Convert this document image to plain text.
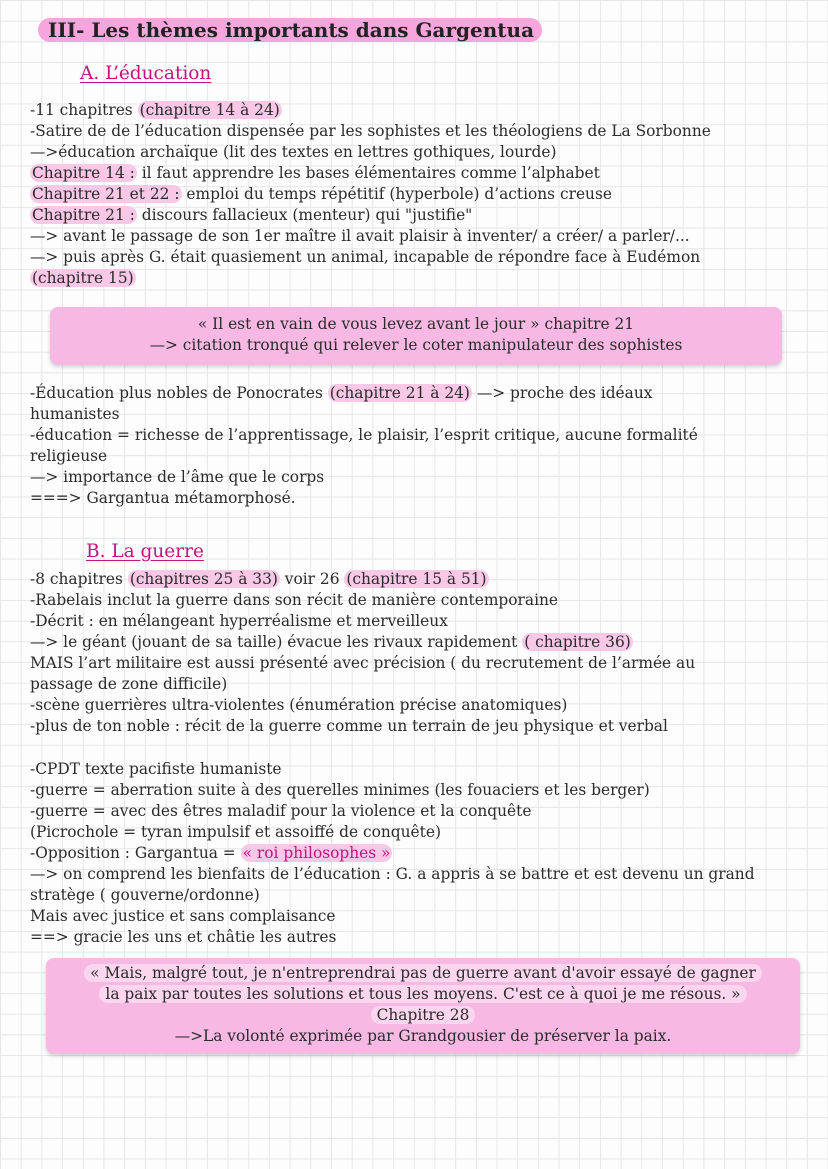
III- Les thèmes importants dans Gargentua
A. L’éducation
-11 chapitres (chapitre 14 à 24)
-Satire de de l’éducation dispensée par les sophistes et les théologiens de La Sorbonne
—>éducation archaïque (lit des textes en lettres gothiques, lourde)
Chapitre 14 : il faut apprendre les bases élémentaires comme l’alphabet
Chapitre 21 et 22 : emploi du temps répétitif (hyperbole) d’actions creuse
Chapitre 21 : discours fallacieux (menteur) qui "justifie"
—> avant le passage de son 1er maître il avait plaisir à inventer/ a créer/ a parler/...
—> puis après G. était quasiement un animal, incapable de répondre face à Eudémon
(chapitre 15)
« Il est en vain de vous levez avant le jour » chapitre 21
—> citation tronqué qui relever le coter manipulateur des sophistes
-Éducation plus nobles de Ponocrates (chapitre 21 à 24) —> proche des idéaux
humanistes
-éducation = richesse de l’apprentissage, le plaisir, l’esprit critique, aucune formalité
religieuse
—> importance de l’âme que le corps
===> Gargantua métamorphosé.
B. La guerre
-8 chapitres (chapitres 25 à 33) voir 26 (chapitre 15 à 51)
-Rabelais inclut la guerre dans son récit de manière contemporaine
-Décrit : en mélangeant hyperréalisme et merveilleux
—> le géant (jouant de sa taille) évacue les rivaux rapidement ( chapitre 36)
MAIS l’art militaire est aussi présenté avec précision ( du recrutement de l’armée au
passage de zone difficile)
-scène guerrières ultra-violentes (énumération précise anatomiques)
-plus de ton noble : récit de la guerre comme un terrain de jeu physique et verbal
-CPDT texte pacifiste humaniste
-guerre = aberration suite à des querelles minimes (les fouaciers et les berger)
-guerre = avec des êtres maladif pour la violence et la conquête
(Picrochole = tyran impulsif et assoiffé de conquête)
-Opposition : Gargantua = « roi philosophes »
—> on comprend les bienfaits de l’éducation : G. a appris à se battre et est devenu un grand
stratège ( gouverne/ordonne)
Mais avec justice et sans complaisance
==> gracie les uns et châtie les autres
« Mais, malgré tout, je n'entreprendrai pas de guerre avant d'avoir essayé de gagner
la paix par toutes les solutions et tous les moyens. C'est ce à quoi je me résous. »
Chapitre 28
—>La volonté exprimée par Grandgousier de préserver la paix.
